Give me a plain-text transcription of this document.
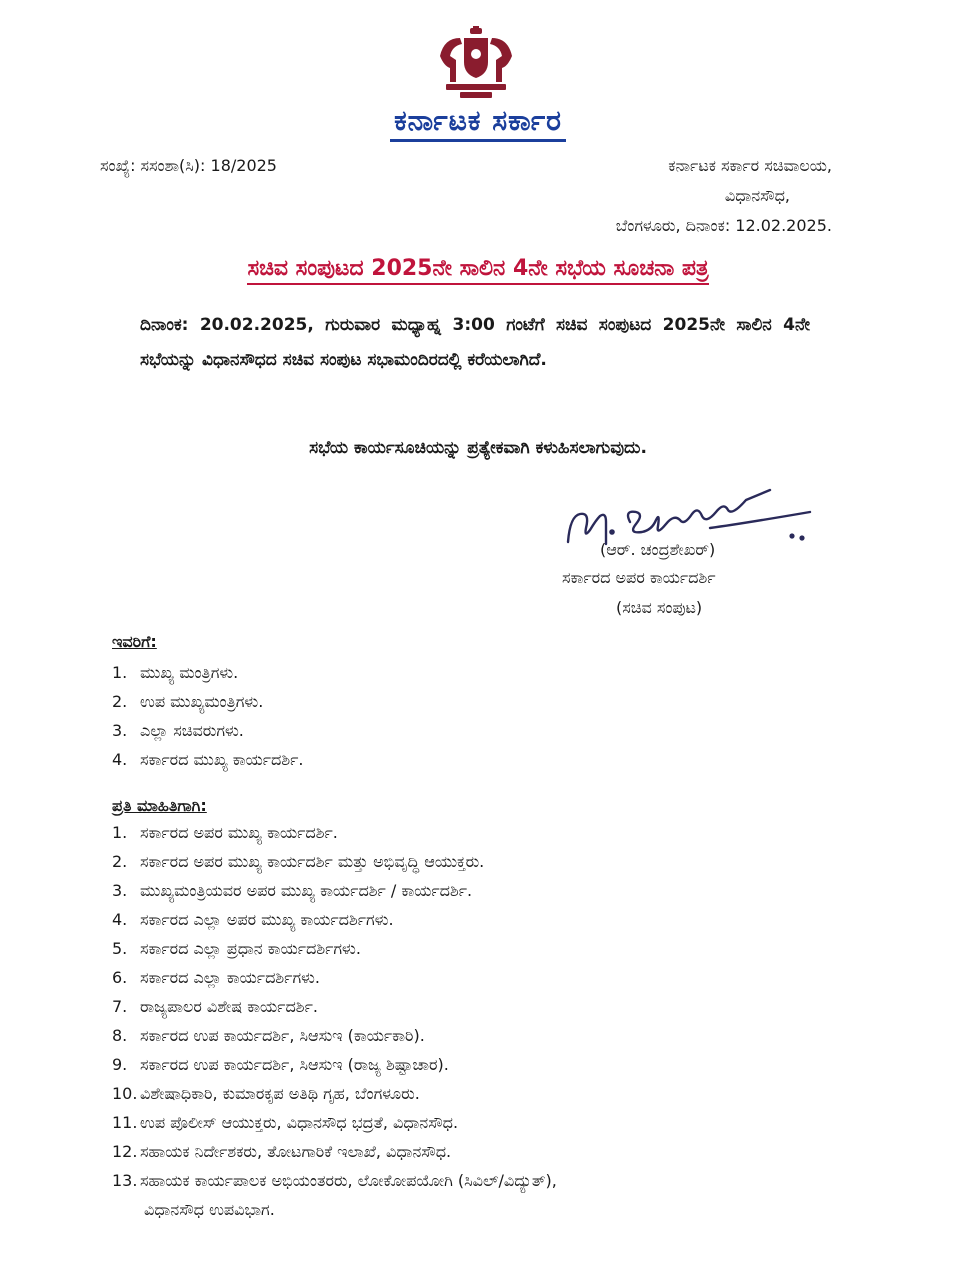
ಕರ್ನಾಟಕ ಸರ್ಕಾರ
ಸಂಖ್ಯೆ: ಸಸಂಶಾ(ಸಿ): 18/2025	ಕರ್ನಾಟಕ ಸರ್ಕಾರ ಸಚಿವಾಲಯ,
ವಿಧಾನಸೌಧ,
ಬೆಂಗಳೂರು, ದಿನಾಂಕ: 12.02.2025.
ಸಚಿವ ಸಂಪುಟದ 2025ನೇ ಸಾಲಿನ 4ನೇ ಸಭೆಯ ಸೂಚನಾ ಪತ್ರ
ದಿನಾಂಕ: 20.02.2025, ಗುರುವಾರ ಮಧ್ಯಾಹ್ನ 3:00 ಗಂಟೆಗೆ ಸಚಿವ ಸಂಪುಟದ 2025ನೇ ಸಾಲಿನ 4ನೇ ಸಭೆಯನ್ನು ವಿಧಾನಸೌಧದ ಸಚಿವ ಸಂಪುಟ ಸಭಾಮಂದಿರದಲ್ಲಿ ಕರೆಯಲಾಗಿದೆ.
ಸಭೆಯ ಕಾರ್ಯಸೂಚಿಯನ್ನು ಪ್ರತ್ಯೇಕವಾಗಿ ಕಳುಹಿಸಲಾಗುವುದು.
(ಆರ್. ಚಂದ್ರಶೇಖರ್)
ಸರ್ಕಾರದ ಅಪರ ಕಾರ್ಯದರ್ಶಿ
(ಸಚಿವ ಸಂಪುಟ)
ಇವರಿಗೆ:
1. ಮುಖ್ಯ ಮಂತ್ರಿಗಳು.
2. ಉಪ ಮುಖ್ಯಮಂತ್ರಿಗಳು.
3. ಎಲ್ಲಾ ಸಚಿವರುಗಳು.
4. ಸರ್ಕಾರದ ಮುಖ್ಯ ಕಾರ್ಯದರ್ಶಿ.
ಪ್ರತಿ ಮಾಹಿತಿಗಾಗಿ:
1. ಸರ್ಕಾರದ ಅಪರ ಮುಖ್ಯ ಕಾರ್ಯದರ್ಶಿ.
2. ಸರ್ಕಾರದ ಅಪರ ಮುಖ್ಯ ಕಾರ್ಯದರ್ಶಿ ಮತ್ತು ಅಭಿವೃದ್ಧಿ ಆಯುಕ್ತರು.
3. ಮುಖ್ಯಮಂತ್ರಿಯವರ ಅಪರ ಮುಖ್ಯ ಕಾರ್ಯದರ್ಶಿ / ಕಾರ್ಯದರ್ಶಿ.
4. ಸರ್ಕಾರದ ಎಲ್ಲಾ ಅಪರ ಮುಖ್ಯ ಕಾರ್ಯದರ್ಶಿಗಳು.
5. ಸರ್ಕಾರದ ಎಲ್ಲಾ ಪ್ರಧಾನ ಕಾರ್ಯದರ್ಶಿಗಳು.
6. ಸರ್ಕಾರದ ಎಲ್ಲಾ ಕಾರ್ಯದರ್ಶಿಗಳು.
7. ರಾಜ್ಯಪಾಲರ ವಿಶೇಷ ಕಾರ್ಯದರ್ಶಿ.
8. ಸರ್ಕಾರದ ಉಪ ಕಾರ್ಯದರ್ಶಿ, ಸಿಆಸುಇ (ಕಾರ್ಯಕಾರಿ).
9. ಸರ್ಕಾರದ ಉಪ ಕಾರ್ಯದರ್ಶಿ, ಸಿಆಸುಇ (ರಾಜ್ಯ ಶಿಷ್ಟಾಚಾರ).
10. ವಿಶೇಷಾಧಿಕಾರಿ, ಕುಮಾರಕೃಪ ಅತಿಥಿ ಗೃಹ, ಬೆಂಗಳೂರು.
11. ಉಪ ಪೊಲೀಸ್ ಆಯುಕ್ತರು, ವಿಧಾನಸೌಧ ಭದ್ರತೆ, ವಿಧಾನಸೌಧ.
12. ಸಹಾಯಕ ನಿರ್ದೇಶಕರು, ತೋಟಗಾರಿಕೆ ಇಲಾಖೆ, ವಿಧಾನಸೌಧ.
13. ಸಹಾಯಕ ಕಾರ್ಯಪಾಲಕ ಅಭಿಯಂತರರು, ಲೋಕೋಪಯೋಗಿ (ಸಿವಿಲ್/ವಿದ್ಯುತ್),
ವಿಧಾನಸೌಧ ಉಪವಿಭಾಗ.
